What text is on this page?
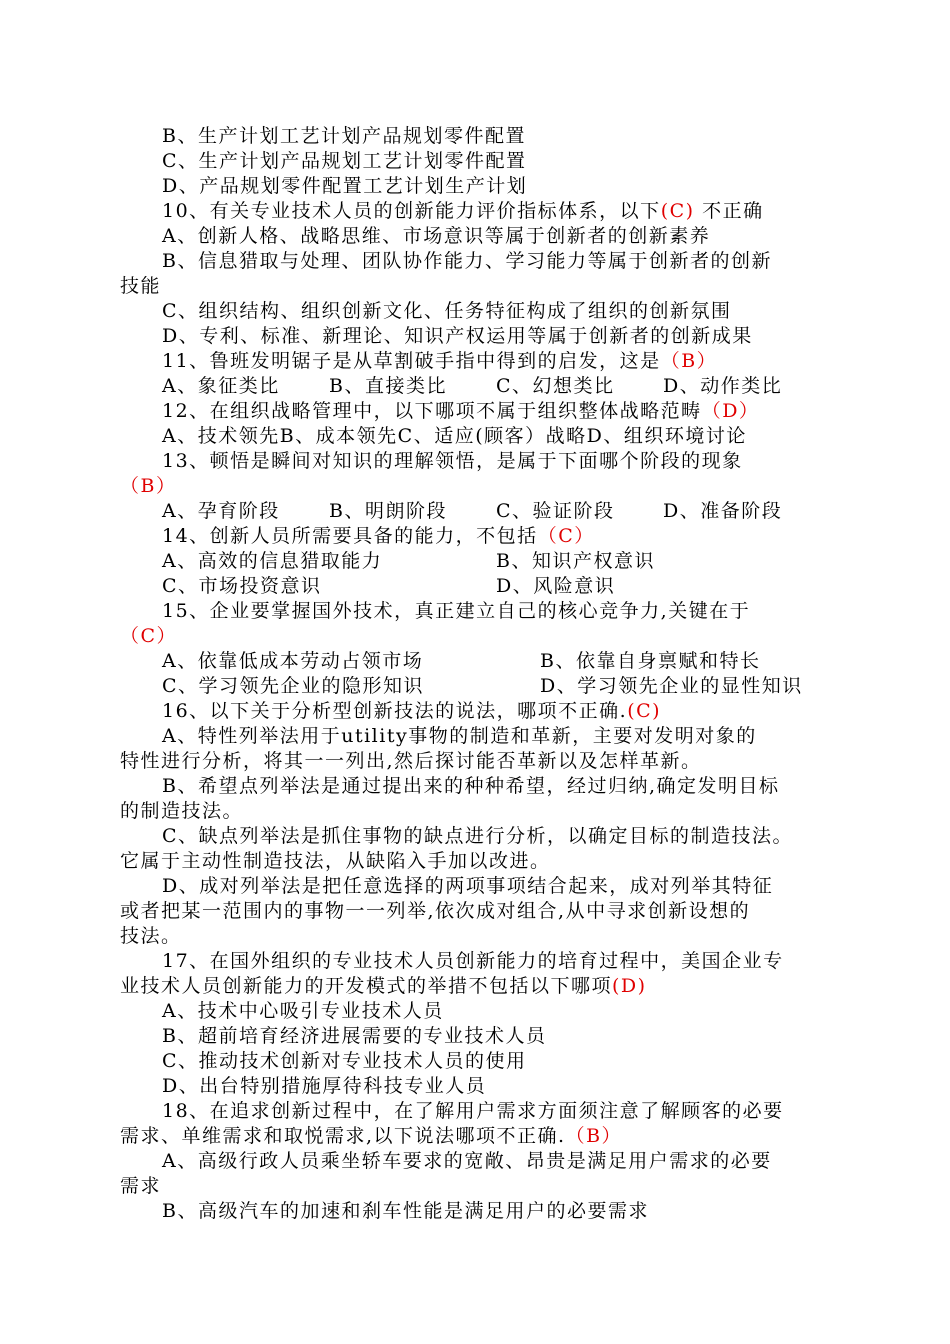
B、生产计划工艺计划产品规划零件配置
C、生产计划产品规划工艺计划零件配置
D、产品规划零件配置工艺计划生产计划
10、有关专业技术人员的创新能力评价指标体系，以下(C) 不正确
A、创新人格、战略思维、市场意识等属于创新者的创新素养
B、信息猎取与处理、团队协作能力、学习能力等属于创新者的创新
技能
C、组织结构、组织创新文化、任务特征构成了组织的创新氛围
D、专利、标准、新理论、知识产权运用等属于创新者的创新成果
11、鲁班发明锯子是从草割破手指中得到的启发，这是（B）
A、象征类比	B、直接类比	C、幻想类比	D、动作类比
12、在组织战略管理中，以下哪项不属于组织整体战略范畴（D）
A、技术领先B、成本领先C、适应(顾客）战略D、组织环境讨论
13、顿悟是瞬间对知识的理解领悟，是属于下面哪个阶段的现象
（B）
A、孕育阶段	B、明朗阶段	C、验证阶段	D、准备阶段
14、创新人员所需要具备的能力，不包括（C）
A、高效的信息猎取能力	B、知识产权意识
C、市场投资意识	D、风险意识
15、企业要掌握国外技术，真正建立自己的核心竞争力,关键在于
（C）
A、依靠低成本劳动占领市场	B、依靠自身禀赋和特长
C、学习领先企业的隐形知识	D、学习领先企业的显性知识
16、以下关于分析型创新技法的说法，哪项不正确.(C)
A、特性列举法用于utility事物的制造和革新，主要对发明对象的
特性进行分析，将其一一列出,然后探讨能否革新以及怎样革新。
B、希望点列举法是通过提出来的种种希望，经过归纳,确定发明目标
的制造技法。
C、缺点列举法是抓住事物的缺点进行分析，以确定目标的制造技法。
它属于主动性制造技法，从缺陷入手加以改进。
D、成对列举法是把任意选择的两项事项结合起来，成对列举其特征
或者把某一范围内的事物一一列举,依次成对组合,从中寻求创新设想的
技法。
17、在国外组织的专业技术人员创新能力的培育过程中，美国企业专
业技术人员创新能力的开发模式的举措不包括以下哪项(D)
A、技术中心吸引专业技术人员
B、超前培育经济进展需要的专业技术人员
C、推动技术创新对专业技术人员的使用
D、出台特别措施厚待科技专业人员
18、在追求创新过程中，在了解用户需求方面须注意了解顾客的必要
需求、单维需求和取悦需求,以下说法哪项不正确.（B）
A、高级行政人员乘坐轿车要求的宽敞、昂贵是满足用户需求的必要
需求
B、高级汽车的加速和刹车性能是满足用户的必要需求
